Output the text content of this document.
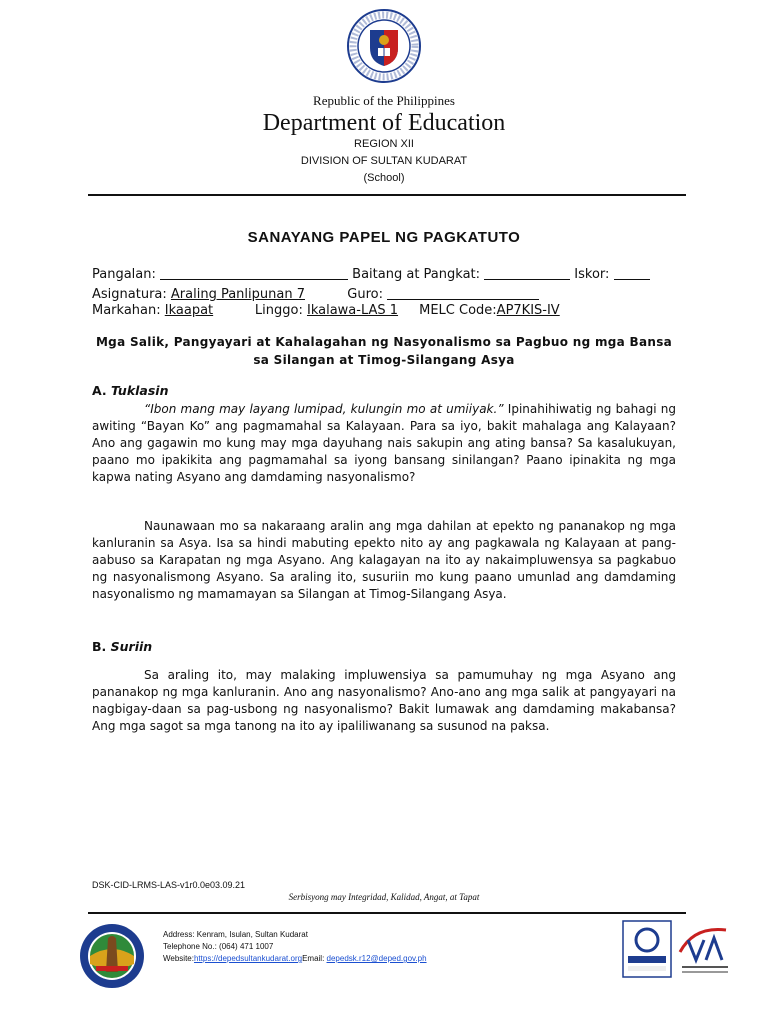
Republic of the Philippines
Department of Education
REGION XII
DIVISION OF SULTAN KUDARAT
(School)
SANAYANG PAPEL NG PAGKATUTO
Pangalan:	Baitang at Pangkat:	Iskor:
Asignatura: Araling Panlipunan 7	Guro:
Markahan: Ikaapat	Linggo: Ikalawa-LAS 1 MELC Code:AP7KIS-IV
Mga Salik, Pangyayari at Kahalagahan ng Nasyonalismo sa Pagbuo ng mga Bansa sa Silangan at Timog-Silangang Asya
A. Tuklasin
“Ibon mang may layang lumipad, kulungin mo at umiiyak.” Ipinahihiwatig ng bahagi ng awiting “Bayan Ko” ang pagmamahal sa Kalayaan. Para sa iyo, bakit mahalaga ang Kalayaan? Ano ang gagawin mo kung may mga dayuhang nais sakupin ang ating bansa? Sa kasalukuyan, paano mo ipakikita ang pagmamahal sa iyong bansang sinilangan? Paano ipinakita ng mga kapwa nating Asyano ang damdaming nasyonalismo?
Naunawaan mo sa nakaraang aralin ang mga dahilan at epekto ng pananakop ng mga kanluranin sa Asya. Isa sa hindi mabuting epekto nito ay ang pagkawala ng Kalayaan at pang-aabuso sa Karapatan ng mga Asyano. Ang kalagayan na ito ay nakaimpluwensya sa pagkabuo ng nasyonalismong Asyano. Sa araling ito, susuriin mo kung paano umunlad ang damdaming nasyonalismo ng mamamayan sa Silangan at Timog-Silangang Asya.
B. Suriin
Sa araling ito, may malaking impluwensiya sa pamumuhay ng mga Asyano ang pananakop ng mga kanluranin. Ano ang nasyonalismo? Ano-ano ang mga salik at pangyayari na nagbigay-daan sa pag-usbong ng nasyonalismo? Bakit lumawak ang damdaming makabansa? Ang mga sagot sa mga tanong na ito ay ipaliliwanang sa susunod na paksa.
DSK-CID-LRMS-LAS-v1r0.0e03.09.21
Serbisyong may Integridad, Kalidad, Angat, at Tapat
Address: Kenram, Isulan, Sultan Kudarat
Telephone No.: (064) 471 1007
Website:https://depedsultankudarat.orgEmail: depedsk.r12@deped.gov.ph
